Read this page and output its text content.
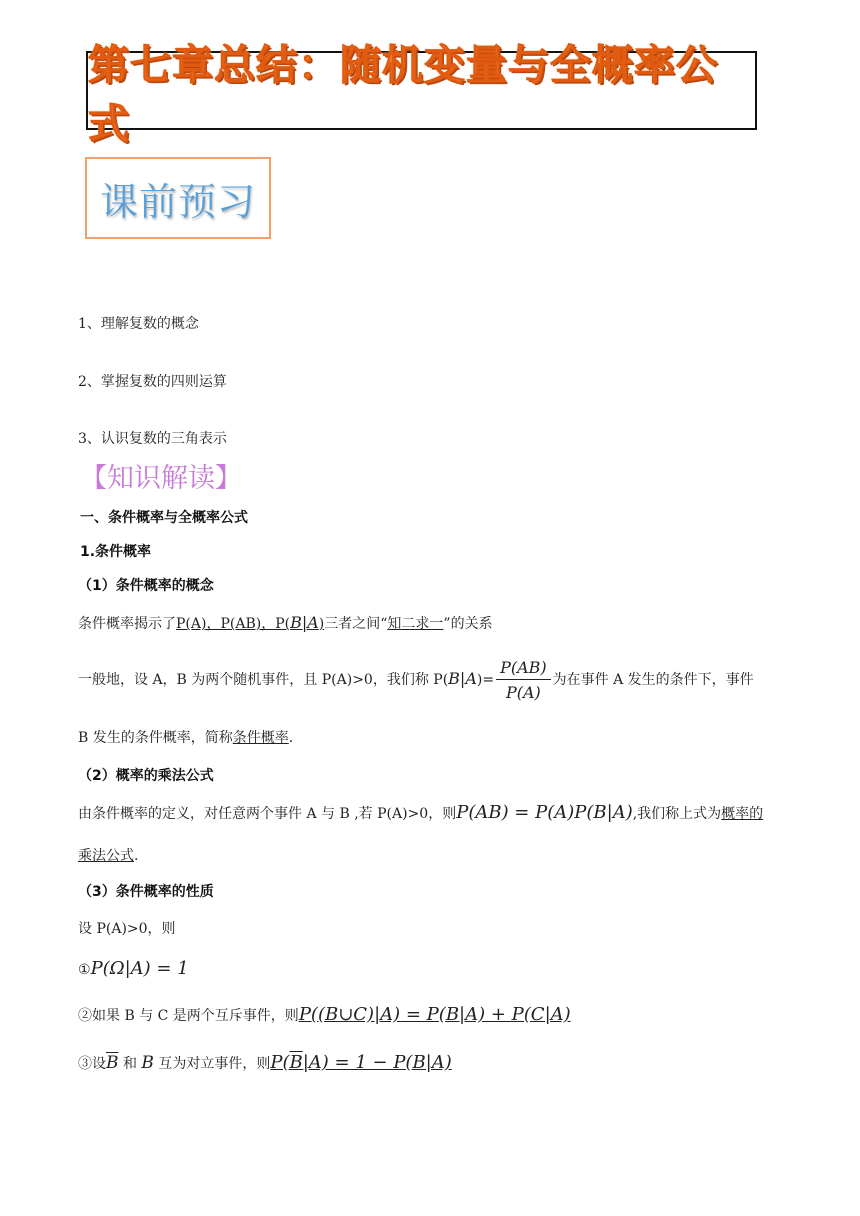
第七章总结：随机变量与全概率公式
课前预习
1、理解复数的概念
2、掌握复数的四则运算
3、认识复数的三角表示
【知识解读】
一、条件概率与全概率公式
1.条件概率
（1）条件概率的概念
条件概率揭示了P(A)，P(AB)，P(B|A)三者之间“知二求一”的关系
一般地，设 A，B 为两个随机事件，且 P(A)>0，我们称 $P(B|A)= \frac{P(AB)}{P(A)}$ 为在事件 A 发生的条件下，事件
B 发生的条件概率，简称条件概率.
（2）概率的乘法公式
由条件概率的定义，对任意两个事件 A 与 B ,若 P(A)>0，则P(AB) = P(A)P(B|A),我们称上式为概率的
乘法公式.
（3）条件概率的性质
设 P(A)>0，则
①P(Ω|A) = 1
②如果 B 与 C 是两个互斥事件，则P((B∪C)|A) = P(B|A) + P(C|A)
③设$\overline{B}$ 和 B 互为对立事件，则P(B|A) = 1 − P(B|A)
